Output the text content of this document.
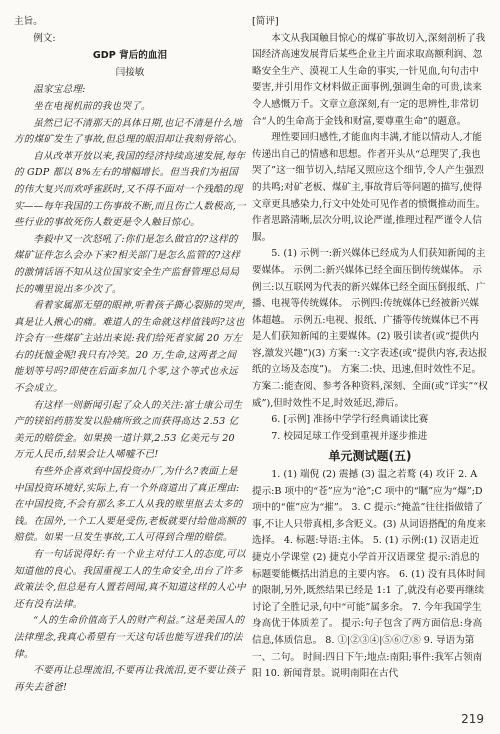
主旨。

例文:

GDP 背后的血泪

闫接敏

温家宝总理:

坐在电视机前的我也哭了。

虽然已记不清那天的具体日期,也记不清是什么地方的煤矿发生了事故,但总理的眼泪却让我刻骨铭心。

自从改革开放以来,我国的经济持续高速发展,每年的 GDP 都以 8%左右的增幅增长。但当我们为祖国的伟大复兴而欢呼雀跃时,又不得不面对一个残酷的现实——每年我国的工伤事故不断,而且伤亡人数极高,一些行业的事故死伤人数更是令人触目惊心。

李毅中又一次怒吼了:你们是怎么做官的?这样的煤矿证件怎么会办下来?相关部门是怎么监管的?这样的激情话语不知从这位国家安全生产监督管理总局局长的嘴里说出多少次了。

看着家属那无望的眼神,听着孩子撕心裂肺的哭声,真是让人揪心的痛。难道人的生命就这样值钱吗?这也许会有一些煤矿主站出来说:我们给死者家属 20 万左右的抚恤金呢!我只有冷笑。20 万,生命,这两者之间能划等号吗?即使在后面多加几个零,这个等式也永远不会成立。

有这样一则新闻引起了众人的关注:富士康公司生产的镁铝药筋发发以脸痛所致之而获得高达 2.53 亿美元的赔偿金。如果换一道计算,2.53 亿美元与 20 万元人民币,结果会让人唏嘘不已!

有些外企喜欢到中国投资办厂,为什么?表面上是中国投资环境好,实际上,有一个外商道出了真正理由:在中国投资,不会有那么多工人从我的账里抠去太多的钱。在国外,一个工人要是受伤,老板就要付给他高额的赔偿。如果一旦发生事故,工人可得到合理的赔偿。

有一句话说得好:有一个业主对付工人的态度,可以知道他的良心。我国重视工人的生命安全,出台了许多政策法令,但总是有人置若罔闻,真不知道这样的人心中还有没有法律。

“人的生命价值高于人的财产利益。”这是美国人的法律理念,我真心希望有一天这句话也能写进我们的法律。

不要再让总理流泪,不要再让我流泪,更不要让孩子再失去爸爸!

[简评]

本文从我国触目惊心的煤矿事故切入,深刻剖析了我国经济高速发展背后某些企业主片面求取高额利润、忽略安全生产、漠视工人生命的事实,一针见血,句句击中要害,并引用作文材料做正面事例,强调生命的可贵,读来令人感慨万千。文章立意深刻,有一定的思辨性,非常切合“人的生命高于金钱和财富,要尊重生命”的题意。

理性要回归感性,才能血肉丰满,才能以情动人,才能传递出自己的情感和思想。作者开头从“总理哭了,我也哭了”这一细节切入,结尾又照应这个细节,令人产生强烈的共鸣;对矿老板、煤矿主,事故背后等问题的描写,使得文章更具感染力,行文中处处可见作者的愤慨推动而生。作者思路清晰,层次分明,议论严谨,推理过程严谨令人信服。

5. (1) 示例一:新兴媒体已经成为人们获知新闻的主要媒体。 示例二:新兴媒体已经全面压倒传统媒体。 示例三:以互联网为代表的新兴媒体已经全面压倒报纸、广播、电视等传统媒体。 示例四:传统媒体已经被新兴媒体超越。 示例五:电视、报纸、广播等传统媒体已不再是人们获知新闻的主要媒体。(2) 吸引读者(或“提供内容,激发兴趣”)(3) 方案一:文字表述(或“提供内容,表达报纸的立场及态度”)。 方案二:快、迅速,但时效性不足。 方案二:能查阅、参考各种资料,深刻、全面(或“详实”“权威”),但时效性不足,时效延迟,滞后。

6. [示例] 准扬中学学行经典诵读比赛

7. 校园足球工作受到重视并逐步推进

单元测试题(五)

1. (1) 端倪 (2) 震撼 (3) 温之若鹜 (4) 攻讦 2. A 提示:B 项中的“苍”应为“沧”;C 项中的“瞩”应为“爆”;D 项中的“催”应为“摧”。 3. C 提示:“掩盖”往往指做错了事,不让人只带真相,多含贬义。(3) 从词语搭配的角度来选择。 4. 标题:导语:主体。 5. (1) 示例:(1) 汉语走近捷克小学课堂 (2) 捷克小学首开汉语课堂 提示:消息的标题要能概括出消息的主要内容。 6. (1) 没有具体时间的限制,另外,既然结果已经是 1:1 了,就没有必要再继续讨论了全胜记录,句中“可能”属多余。 7. 今年我国学生身高优于体质差了。 提示:句子包含了两方面信息:身高信息,体质信息。 8. ①|②③④|⑤⑥⑦⑧ 9. 导语为第一、二句。 时间:四日下午;地点:南阳;事件:我军占领南阳 10. 新闻背景。说明南阳在古代

219
